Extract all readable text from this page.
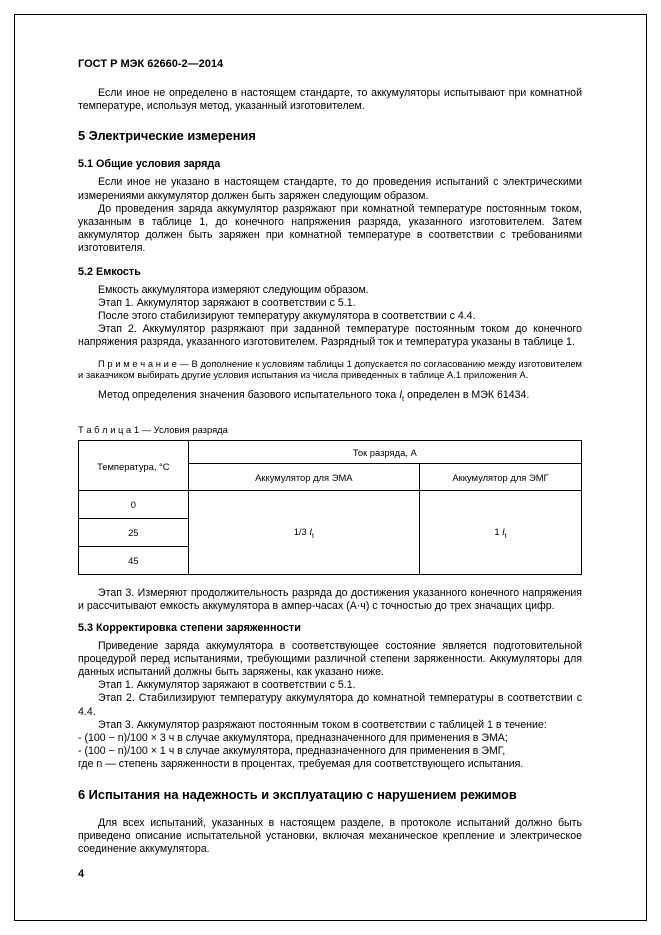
ГОСТ Р МЭК 62660-2—2014

Если иное не определено в настоящем стандарте, то аккумуляторы испытывают при комнатной температуре, используя метод, указанный изготовителем.

5 Электрические измерения
5.1 Общие условия заряда

Если иное не указано в настоящем стандарте, то до проведения испытаний с электрическими измерениями аккумулятор должен быть заряжен следующим образом.

До проведения заряда аккумулятор разряжают при комнатной температуре постоянным током, указанным в таблице 1, до конечного напряжения разряда, указанного изготовителем. Затем аккумулятор должен быть заряжен при комнатной температуре в соответствии с требованиями изготовителя.

5.2 Емкость

Емкость аккумулятора измеряют следующим образом.

Этап 1. Аккумулятор заряжают в соответствии с 5.1.

После этого стабилизируют температуру аккумулятора в соответствии с 4.4.

Этап 2. Аккумулятор разряжают при заданной температуре постоянным током до конечного напряжения разряда, указанного изготовителем. Разрядный ток и температура указаны в таблице 1.

П р и м е ч а н и е — В дополнение к условиям таблицы 1 допускается по согласованию между изготовителем и заказчиком выбирать другие условия испытания из числа приведенных в таблице А.1 приложения А.

Метод определения значения базового испытательного тока $I_t$ определен в МЭК 61434.

Т а б л и ц а 1 — Условия разряда
Температура, °С	Ток разряда, А	
	Аккумулятор для ЭМА	Аккумулятор для ЭМГ
0	1/3 $I_t$	1 $I_t$
25		
45		

Этап 3. Измеряют продолжительность разряда до достижения указанного конечного напряжения и рассчитывают емкость аккумулятора в ампер-часах (А·ч) с точностью до трех значащих цифр.

5.3 Корректировка степени заряженности

Приведение заряда аккумулятора в соответствующее состояние является подготовительной процедурой перед испытаниями, требующими различной степени заряженности. Аккумуляторы для данных испытаний должны быть заряжены, как указано ниже.

Этап 1. Аккумулятор заряжают в соответствии с 5.1.

Этап 2. Стабилизируют температуру аккумулятора до комнатной температуры в соответствии с 4.4.

Этап 3. Аккумулятор разряжают постоянным током в соответствии с таблицей 1 в течение:

- (100 − n)/100 × 3 ч в случае аккумулятора, предназначенного для применения в ЭМА;

- (100 − n)/100 × 1 ч в случае аккумулятора, предназначенного для применения в ЭМГ,

где n — степень заряженности в процентах, требуемая для соответствующего испытания.

6 Испытания на надежность и эксплуатацию с нарушением режимов

Для всех испытаний, указанных в настоящем разделе, в протоколе испытаний должно быть приведено описание испытательной установки, включая механическое крепление и электрическое соединение аккумулятора.

4
